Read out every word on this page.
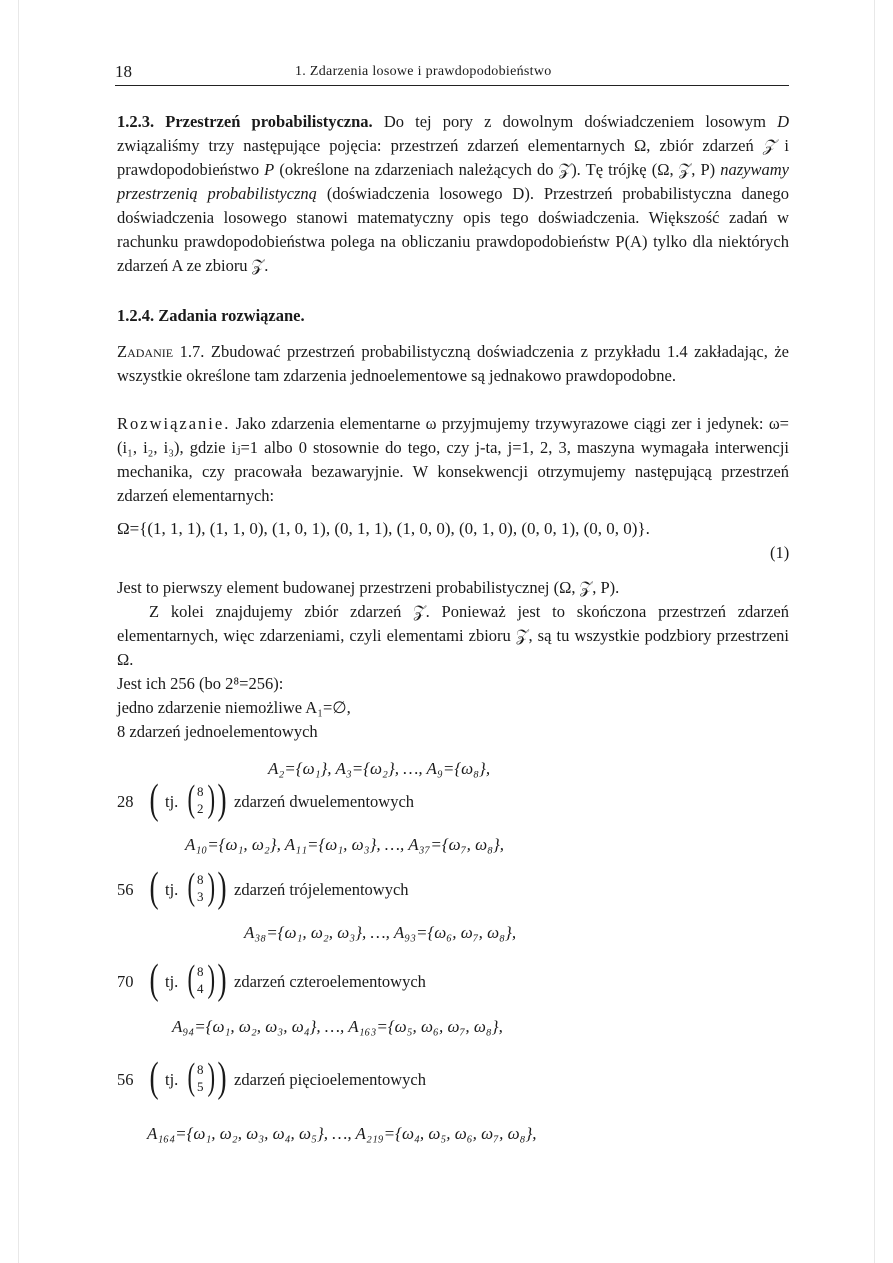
18	1. Zdarzenia losowe i prawdopodobieństwo
1.2.3. Przestrzeń probabilistyczna. Do tej pory z dowolnym doświadczeniem losowym D związaliśmy trzy następujące pojęcia: przestrzeń zdarzeń elementarnych Ω, zbiór zdarzeń 𝒵 i prawdopodobieństwo P (określone na zdarzeniach należących do 𝒵). Tę trójkę (Ω, 𝒵, P) nazywamy przestrzenią probabilistyczną (doświadczenia losowego D). Przestrzeń probabilistyczna danego doświadczenia losowego stanowi matematyczny opis tego doświadczenia. Większość zadań w rachunku prawdopodobieństwa polega na obliczaniu prawdopodobieństw P(A) tylko dla niektórych zdarzeń A ze zbioru 𝒵.
1.2.4. Zadania rozwiązane.
Zadanie 1.7. Zbudować przestrzeń probabilistyczną doświadczenia z przykładu 1.4 zakładając, że wszystkie określone tam zdarzenia jednoelementowe są jednakowo prawdopodobne.
Rozwiązanie. Jako zdarzenia elementarne ω przyjmujemy trzywyrazowe ciągi zer i jedynek: ω=(i₁, i₂, i₃), gdzie iⱼ=1 albo 0 stosownie do tego, czy j-ta, j=1, 2, 3, maszyna wymagała interwencji mechanika, czy pracowała bezawaryjnie. W konsekwencji otrzymujemy następującą przestrzeń zdarzeń elementarnych:
Ω={(1, 1, 1), (1, 1, 0), (1, 0, 1), (0, 1, 1), (1, 0, 0), (0, 1, 0), (0, 0, 1), (0, 0, 0)}.
(1)
Jest to pierwszy element budowanej przestrzeni probabilistycznej (Ω, 𝒵, P).
Z kolei znajdujemy zbiór zdarzeń 𝒵. Ponieważ jest to skończona przestrzeń zdarzeń elementarnych, więc zdarzeniami, czyli elementami zbioru 𝒵, są tu wszystkie podzbiory przestrzeni Ω.
Jest ich 256 (bo 2⁸=256):
jedno zdarzenie niemożliwe A₁=∅,
8 zdarzeń jednoelementowych
A₂={ω₁}, A₃={ω₂}, …, A₉={ω₈},
28 ( tj. ( 8
2 ) ) zdarzeń dwuelementowych
A₁₀={ω₁, ω₂}, A₁₁={ω₁, ω₃}, …, A₃₇={ω₇, ω₈},
56 ( tj. ( 8
3 ) ) zdarzeń trójelementowych
A₃₈={ω₁, ω₂, ω₃}, …, A₉₃={ω₆, ω₇, ω₈},
70 ( tj. ( 8
4 ) ) zdarzeń czteroelementowych
A₉₄={ω₁, ω₂, ω₃, ω₄}, …, A₁₆₃={ω₅, ω₆, ω₇, ω₈},
56 ( tj. ( 8
5 ) ) zdarzeń pięcioelementowych
A₁₆₄={ω₁, ω₂, ω₃, ω₄, ω₅}, …, A₂₁₉={ω₄, ω₅, ω₆, ω₇, ω₈},
